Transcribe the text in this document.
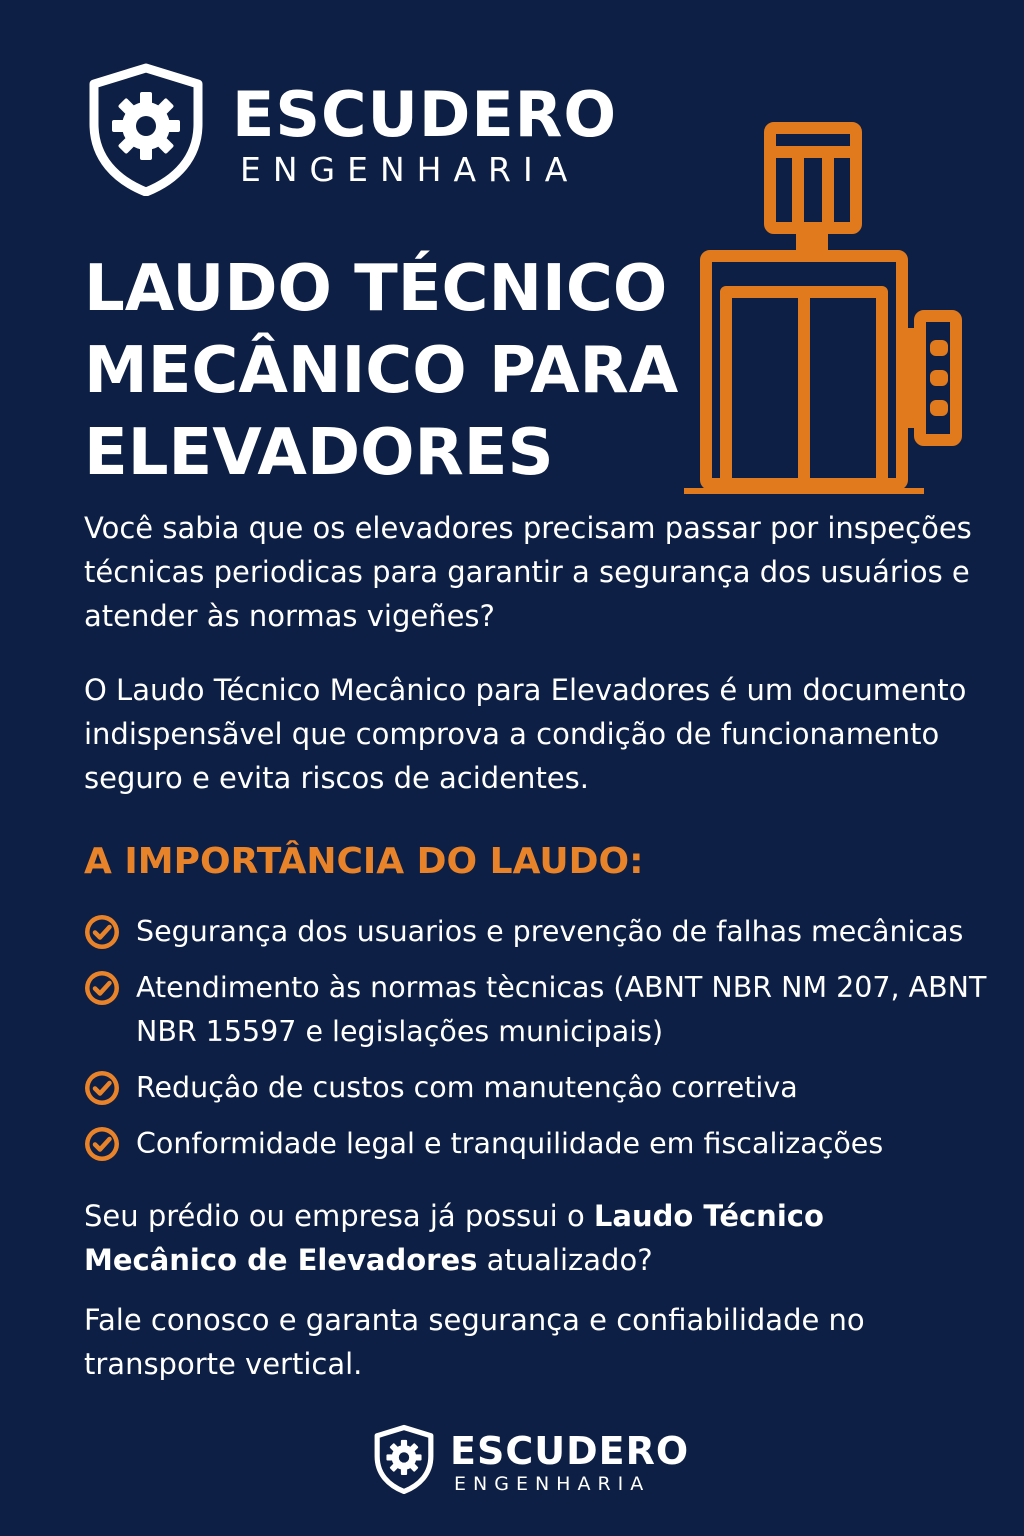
ESCUDERO
ENGENHARIA
LAUDO TÉCNICO
MECÂNICO PARA
ELEVADORES

Você sabia que os elevadores precisam passar por inspeções técnicas periodicas para garantir a segurança dos usuários e atender às normas vigeñes?

O Laudo Técnico Mecânico para Elevadores é um documento indispensãvel que comprova a condição de funcionamento seguro e evita riscos de acidentes.

A IMPORTÂNCIA DO LAUDO:
Segurança dos usuarios e prevenção de falhas mecânicas
Atendimento às normas tècnicas (ABNT NBR NM 207, ABNT NBR 15597 e legislações municipais)
Reduçâo de custos com manutençâo corretiva
Conformidade legal e tranquilidade em fiscalizações

Seu prédio ou empresa já possui o Laudo Técnico Mecânico de Elevadores atualizado?

Fale conosco e garanta segurança e confiabilidade no transporte vertical.

ESCUDERO
ENGENHARIA
